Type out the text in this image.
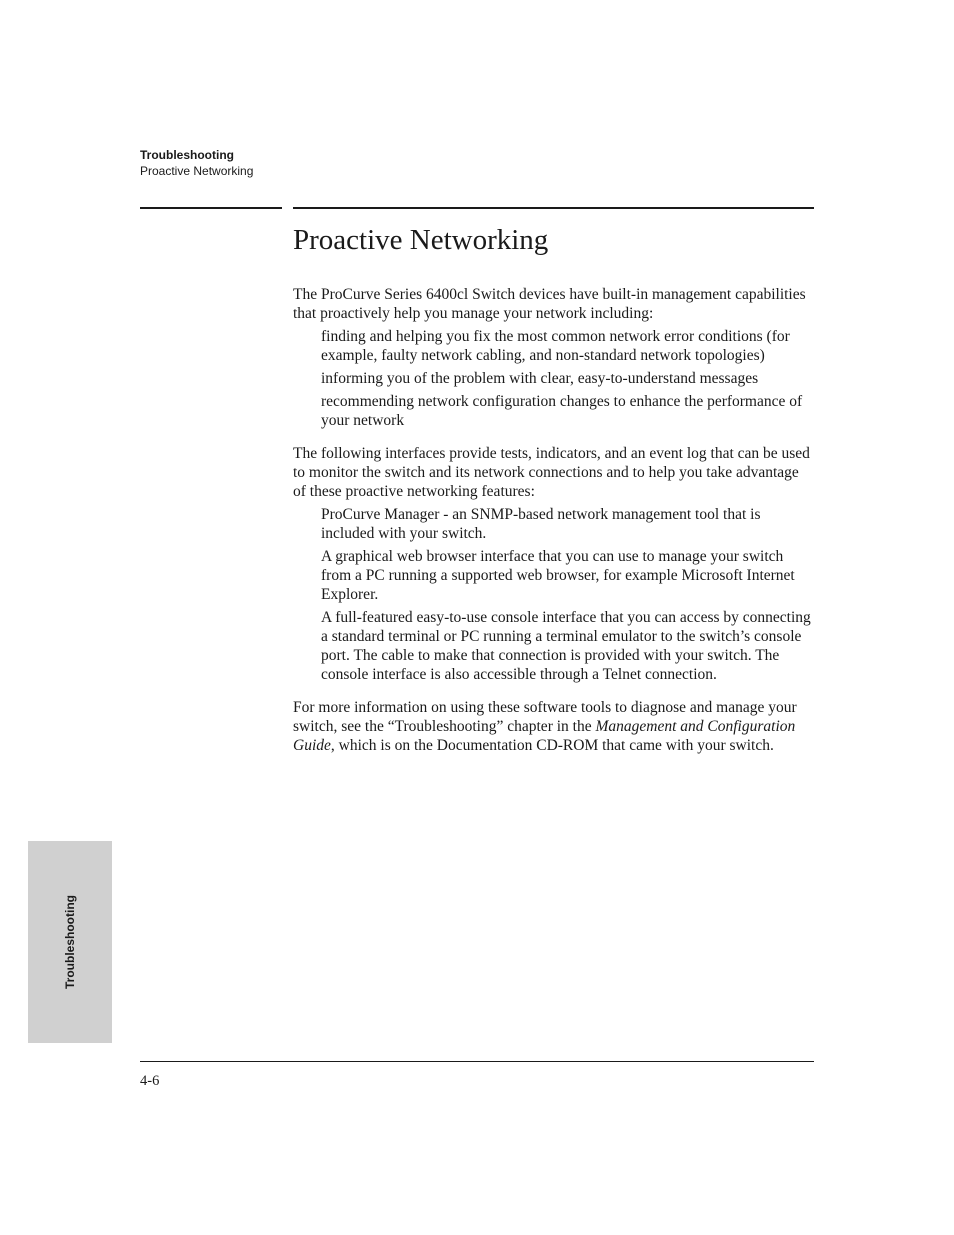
Troubleshooting
Proactive Networking
Proactive Networking

The ProCurve Series 6400cl Switch devices have built-in management capabilities that proactively help you manage your network including:

finding and helping you fix the most common network error conditions (for example, faulty network cabling, and non-standard network topologies)
informing you of the problem with clear, easy-to-understand messages
recommending network configuration changes to enhance the performance of your network

The following interfaces provide tests, indicators, and an event log that can be used to monitor the switch and its network connections and to help you take advantage of these proactive networking features:

ProCurve Manager - an SNMP-based network management tool that is included with your switch.
A graphical web browser interface that you can use to manage your switch from a PC running a supported web browser, for example Microsoft Internet Explorer.
A full-featured easy-to-use console interface that you can access by connecting a standard terminal or PC running a terminal emulator to the switch’s console port. The cable to make that connection is provided with your switch. The console interface is also accessible through a Telnet connection.

For more information on using these software tools to diagnose and manage your switch, see the “Troubleshooting” chapter in the Management and Configuration Guide, which is on the Documentation CD-ROM that came with your switch.

Troubleshooting
4-6
